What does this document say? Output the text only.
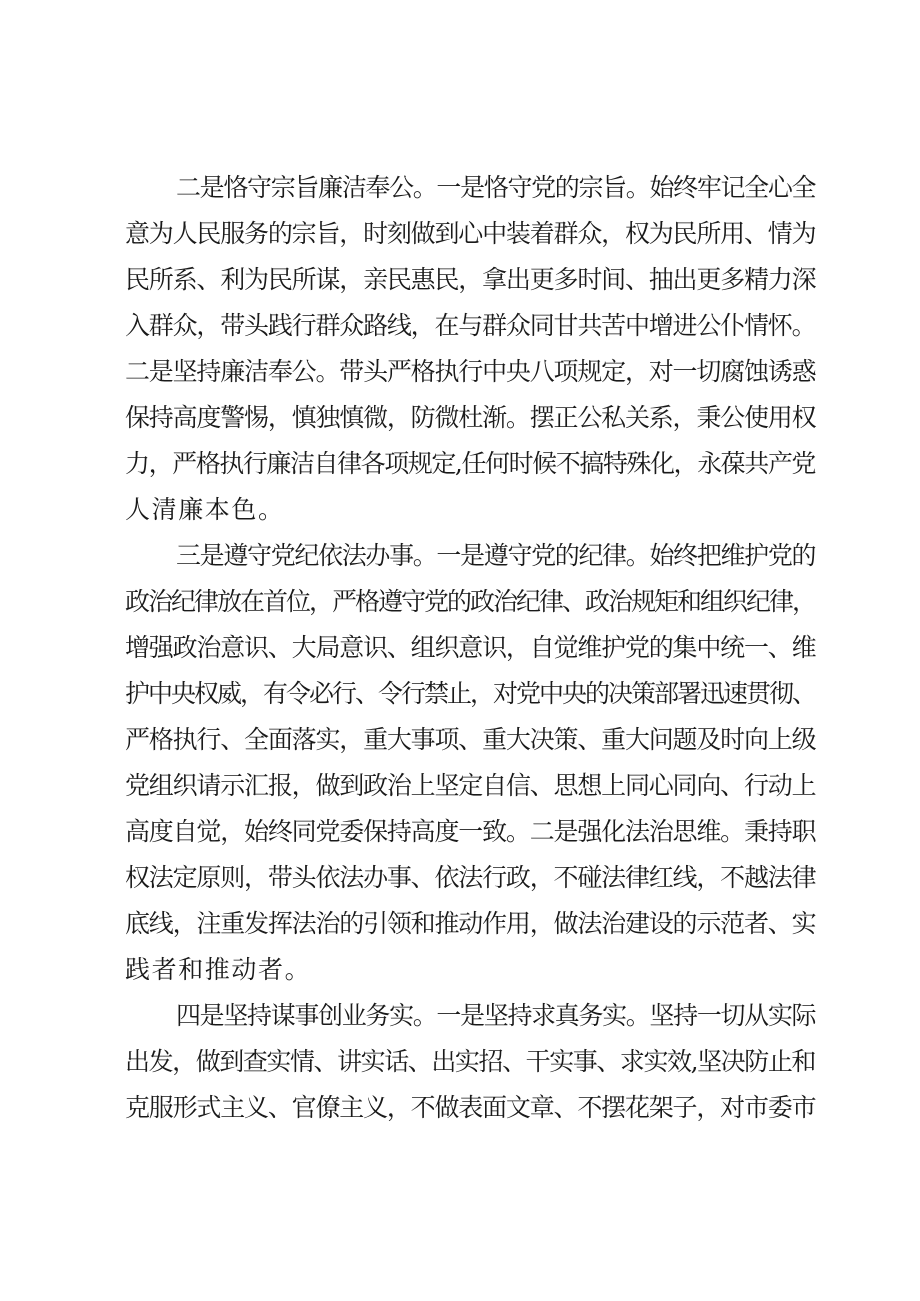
二是恪守宗旨廉洁奉公。一是恪守党的宗旨。始终牢记全心全
意为人民服务的宗旨，时刻做到心中装着群众，权为民所用、情为
民所系、利为民所谋，亲民惠民，拿出更多时间、抽出更多精力深
入群众，带头践行群众路线，在与群众同甘共苦中增进公仆情怀。
二是坚持廉洁奉公。带头严格执行中央八项规定，对一切腐蚀诱惑
保持高度警惕，慎独慎微，防微杜渐。摆正公私关系，秉公使用权
力，严格执行廉洁自律各项规定,任何时候不搞特殊化，永葆共产党
人清廉本色。
三是遵守党纪依法办事。一是遵守党的纪律。始终把维护党的
政治纪律放在首位，严格遵守党的政治纪律、政治规矩和组织纪律，
增强政治意识、大局意识、组织意识，自觉维护党的集中统一、维
护中央权威，有令必行、令行禁止，对党中央的决策部署迅速贯彻、
严格执行、全面落实，重大事项、重大决策、重大问题及时向上级
党组织请示汇报，做到政治上坚定自信、思想上同心同向、行动上
高度自觉，始终同党委保持高度一致。二是强化法治思维。秉持职
权法定原则，带头依法办事、依法行政，不碰法律红线，不越法律
底线，注重发挥法治的引领和推动作用，做法治建设的示范者、实
践者和推动者。
四是坚持谋事创业务实。一是坚持求真务实。坚持一切从实际
出发，做到查实情、讲实话、出实招、干实事、求实效,坚决防止和
克服形式主义、官僚主义，不做表面文章、不摆花架子，对市委市
